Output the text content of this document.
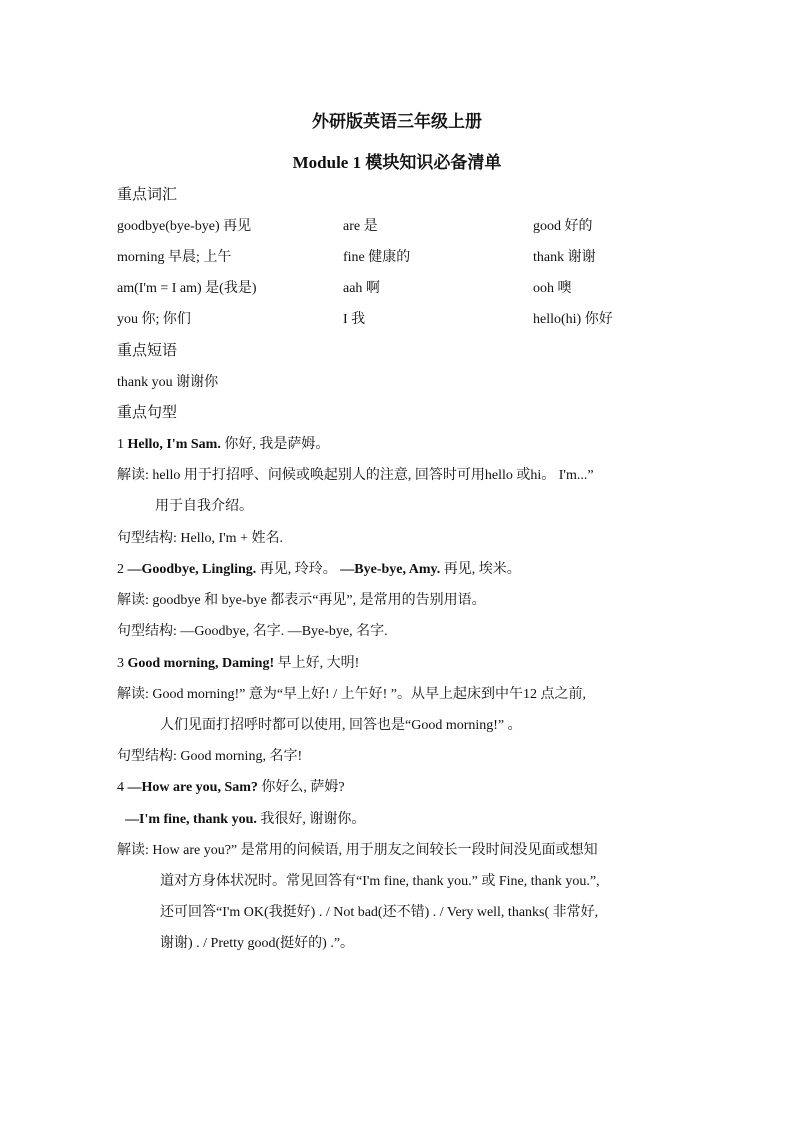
外研版英语三年级上册
Module 1 模块知识必备清单
重点词汇
goodbye(bye-bye) 再见	are 是	good 好的
morning 早晨; 上午	fine 健康的	thank 谢谢
am(I'm = I am) 是(我是)	aah 啊	ooh 噢
you 你; 你们	I 我	hello(hi) 你好
重点短语
thank you 谢谢你
重点句型
1 Hello, I'm Sam. 你好, 我是萨姆。
解读: hello 用于打招呼、问候或唤起别人的注意, 回答时可用hello 或hi。 I'm...”
用于自我介绍。
句型结构: Hello, I'm + 姓名.
2 —Goodbye, Lingling. 再见, 玲玲。 —Bye-bye, Amy. 再见, 埃米。
解读: goodbye 和 bye-bye 都表示“再见”, 是常用的告别用语。
句型结构: —Goodbye, 名字. —Bye-bye, 名字.
3 Good morning, Daming! 早上好, 大明!
解读: Good morning!” 意为“早上好! / 上午好! ”。从早上起床到中午12 点之前,
人们见面打招呼时都可以使用, 回答也是“Good morning!” 。
句型结构: Good morning, 名字!
4 —How are you, Sam? 你好么, 萨姆?
—I'm fine, thank you. 我很好, 谢谢你。
解读: How are you?” 是常用的问候语, 用于朋友之间较长一段时间没见面或想知
道对方身体状况时。常见回答有“I'm fine, thank you.” 或 Fine, thank you.”,
还可回答“I'm OK(我挺好) . / Not bad(还不错) . / Very well, thanks( 非常好,
谢谢) . / Pretty good(挺好的) .”。
